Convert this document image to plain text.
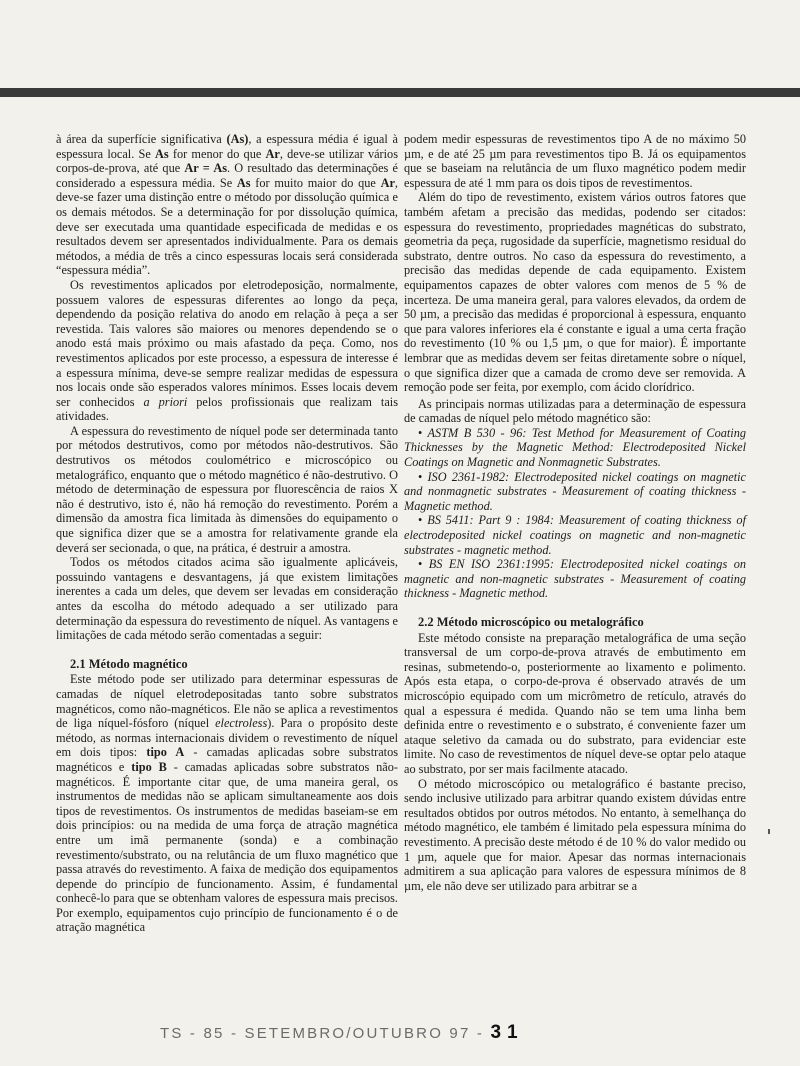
à área da superfície significativa (As), a espessura média é igual à espessura local. Se As for menor do que Ar, deve-se utilizar vários corpos-de-prova, até que Ar = As. O resultado das determinações é considerado a espessura média. Se As for muito maior do que Ar, deve-se fazer uma distinção entre o método por dissolução química e os demais métodos. Se a determinação for por dissolução química, deve ser executada uma quantidade especificada de medidas e os resultados devem ser apresentados individualmente. Para os demais métodos, a média de três a cinco espessuras locais será considerada “espessura média”.

Os revestimentos aplicados por eletrodeposição, normalmente, possuem valores de espessuras diferentes ao longo da peça, dependendo da posição relativa do anodo em relação à peça a ser revestida. Tais valores são maiores ou menores dependendo se o anodo está mais próximo ou mais afastado da peça. Como, nos revestimentos aplicados por este processo, a espessura de interesse é a espessura mínima, deve-se sempre realizar medidas de espessura nos locais onde são esperados valores mínimos. Esses locais devem ser conhecidos a priori pelos profissionais que realizam tais atividades.

A espessura do revestimento de níquel pode ser determinada tanto por métodos destrutivos, como por métodos não-destrutivos. São destrutivos os métodos coulométrico e microscópico ou metalográfico, enquanto que o método magnético é não-destrutivo. O método de determinação de espessura por fluorescência de raios X não é destrutivo, isto é, não há remoção do revestimento. Porém a dimensão da amostra fica limitada às dimensões do equipamento o que significa dizer que se a amostra for relativamente grande ela deverá ser secionada, o que, na prática, é destruir a amostra.

Todos os métodos citados acima são igualmente aplicáveis, possuindo vantagens e desvantagens, já que existem limitações inerentes a cada um deles, que devem ser levadas em consideração antes da escolha do método adequado a ser utilizado para determinação da espessura do revestimento de níquel. As vantagens e limitações de cada método serão comentadas a seguir:

2.1 Método magnético

Este método pode ser utilizado para determinar espessuras de camadas de níquel eletrodepositadas tanto sobre substratos magnéticos, como não-magnéticos. Ele não se aplica a revestimentos de liga níquel-fósforo (níquel electroless). Para o propósito deste método, as normas internacionais dividem o revestimento de níquel em dois tipos: tipo A - camadas aplicadas sobre substratos magnéticos e tipo B - camadas aplicadas sobre substratos não-magnéticos. É importante citar que, de uma maneira geral, os instrumentos de medidas não se aplicam simultaneamente aos dois tipos de revestimentos. Os instrumentos de medidas baseiam-se em dois princípios: ou na medida de uma força de atração magnética entre um imã permanente (sonda) e a combinação revestimento/substrato, ou na relutância de um fluxo magnético que passa através do revestimento. A faixa de medição dos equipamentos depende do princípio de funcionamento. Assim, é fundamental conhecê-lo para que se obtenham valores de espessura mais precisos. Por exemplo, equipamentos cujo princípio de funcionamento é o de atração magnética

podem medir espessuras de revestimentos tipo A de no máximo 50 µm, e de até 25 µm para revestimentos tipo B. Já os equipamentos que se baseiam na relutância de um fluxo magnético podem medir espessura de até 1 mm para os dois tipos de revestimentos.

Além do tipo de revestimento, existem vários outros fatores que também afetam a precisão das medidas, podendo ser citados: espessura do revestimento, propriedades magnéticas do substrato, geometria da peça, rugosidade da superfície, magnetismo residual do substrato, dentre outros. No caso da espessura do revestimento, a precisão das medidas depende de cada equipamento. Existem equipamentos capazes de obter valores com menos de 5 % de incerteza. De uma maneira geral, para valores elevados, da ordem de 50 µm, a precisão das medidas é proporcional à espessura, enquanto que para valores inferiores ela é constante e igual a uma certa fração do revestimento (10 % ou 1,5 µm, o que for maior). É importante lembrar que as medidas devem ser feitas diretamente sobre o níquel, o que significa dizer que a camada de cromo deve ser removida. A remoção pode ser feita, por exemplo, com ácido clorídrico.

As principais normas utilizadas para a determinação de espessura de camadas de níquel pelo método magnético são:

• ASTM B 530 - 96: Test Method for Measurement of Coating Thicknesses by the Magnetic Method: Electrodeposited Nickel Coatings on Magnetic and Nonmagnetic Substrates.

• ISO 2361-1982: Electrodeposited nickel coatings on magnetic and nonmagnetic substrates - Measurement of coating thickness - Magnetic method.

• BS 5411: Part 9 : 1984: Measurement of coating thickness of electrodeposited nickel coatings on magnetic and non-magnetic substrates - magnetic method.

• BS EN ISO 2361:1995: Electrodeposited nickel coatings on magnetic and non-magnetic substrates - Measurement of coating thickness - Magnetic method.

2.2 Método microscópico ou metalográfico

Este método consiste na preparação metalográfica de uma seção transversal de um corpo-de-prova através de embutimento em resinas, submetendo-o, posteriormente ao lixamento e polimento. Após esta etapa, o corpo-de-prova é observado através de um microscópio equipado com um micrômetro de retículo, através do qual a espessura é medida. Quando não se tem uma linha bem definida entre o revestimento e o substrato, é conveniente fazer um ataque seletivo da camada ou do substrato, para evidenciar este limite. No caso de revestimentos de níquel deve-se optar pelo ataque ao substrato, por ser mais facilmente atacado.

O método microscópico ou metalográfico é bastante preciso, sendo inclusive utilizado para arbitrar quando existem dúvidas entre resultados obtidos por outros métodos. No entanto, à semelhança do método magnético, ele também é limitado pela espessura mínima do revestimento. A precisão deste método é de 10 % do valor medido ou 1 µm, aquele que for maior. Apesar das normas internacionais admitirem a sua aplicação para valores de espessura mínimos de 8 µm, ele não deve ser utilizado para arbitrar se a

TS - 85 - SETEMBRO/OUTUBRO 97 - 31
